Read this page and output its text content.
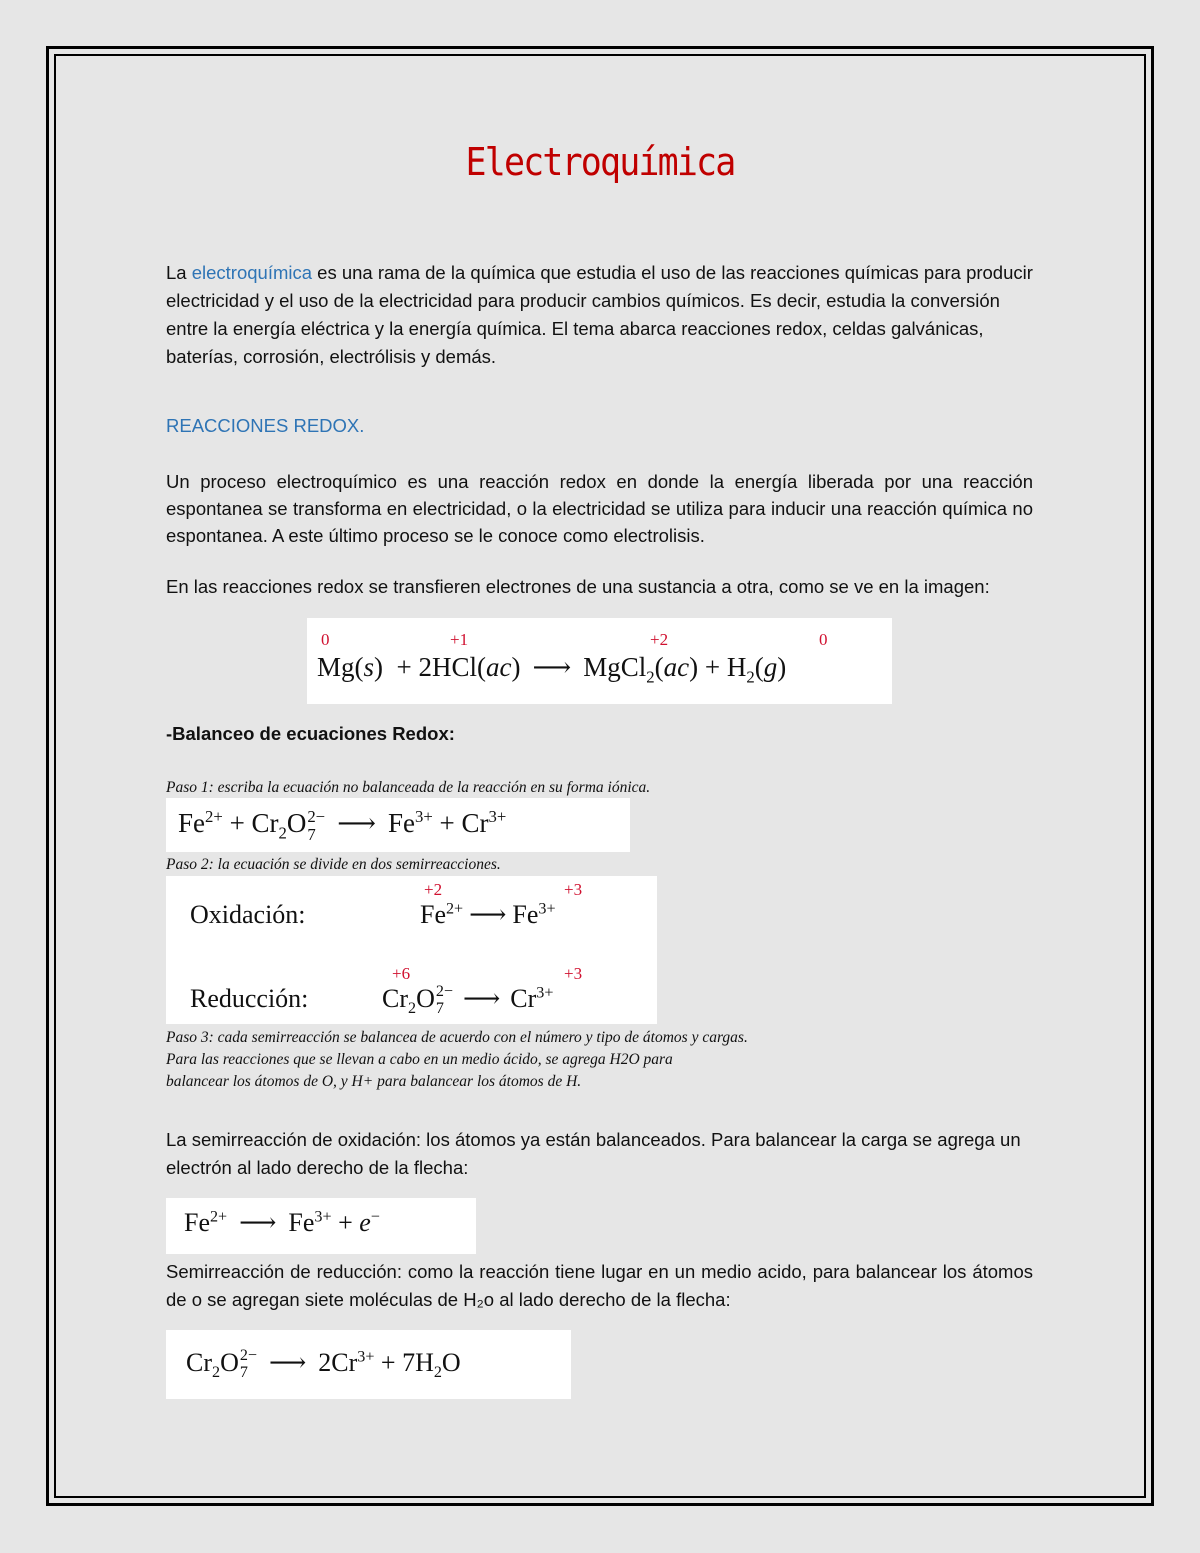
Electroquímica

La electroquímica es una rama de la química que estudia el uso de las reacciones químicas para producir electricidad y el uso de la electricidad para producir cambios químicos. Es decir, estudia la conversión entre la energía eléctrica y la energía química. El tema abarca reacciones redox, celdas galvánicas, baterías, corrosión, electrólisis y demás.

REACCIONES REDOX.

Un proceso electroquímico es una reacción redox en donde la energía liberada por una reacción espontanea se transforma en electricidad, o la electricidad se utiliza para inducir una reacción química no espontanea. A este último proceso se le conoce como electrolisis.

En las reacciones redox se transfieren electrones de una sustancia a otra, como se ve en la imagen:

0	+1	+2	0
Mg(s)  + 2HCl(ac) ⟶ MgCl$_2$(ac) + $H_2(g)$
-Balanceo de ecuaciones Redox:
Paso 1: escriba la ecuación no balanceada de la reacción en su forma iónica.
$Fe^{2+} + Cr_2O$ 2−
7 ⟶ $Fe^{3+} + Cr^{3+}$
Paso 2: la ecuación se divide en dos semirreacciones.
+2	+3
Oxidación:	$Fe^{2+}$ ⟶ $Fe^{3+}$
+6	+3
Reducción:	$Cr_2O$ 2−
7 ⟶ $Cr^{3+}$
Paso 3: cada semirreacción se balancea de acuerdo con el número y tipo de átomos y cargas.
Para las reacciones que se llevan a cabo en un medio ácido, se agrega H2O para
balancear los átomos de O, y H+ para balancear los átomos de H.

La semirreacción de oxidación: los átomos ya están balanceados. Para balancear la carga se agrega un electrón al lado derecho de la flecha:

$Fe^{2+}$ ⟶ $Fe^{3+} + e^-$

Semirreacción de reducción: como la reacción tiene lugar en un medio acido, para balancear los átomos de o se agregan siete moléculas de H₂o al lado derecho de la flecha:

$Cr_2O$ 2−
7 ⟶ $2Cr^{3+} + 7H_2O$
